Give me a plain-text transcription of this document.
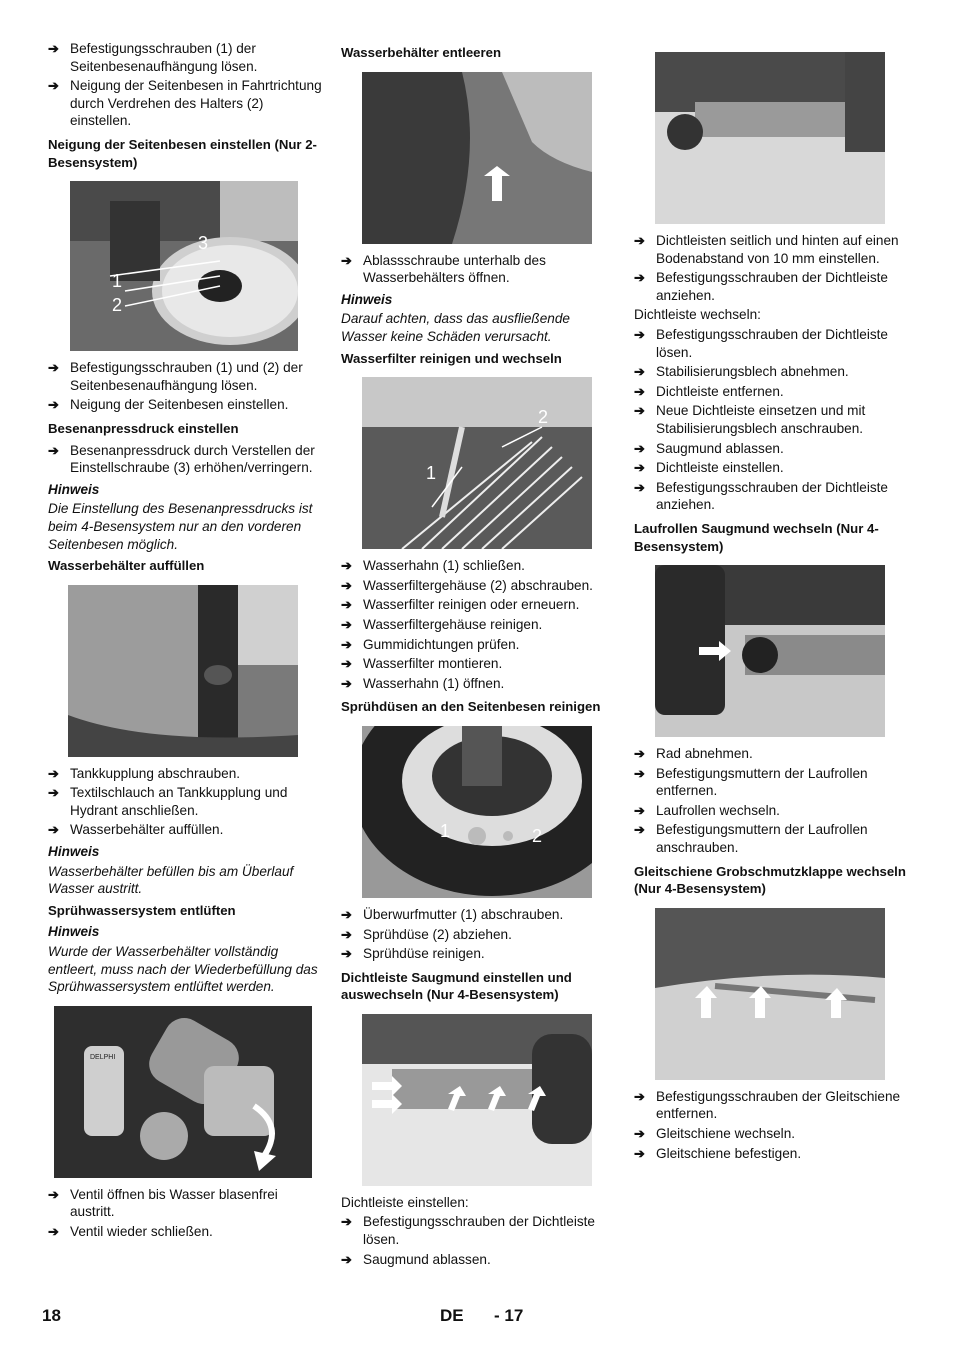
➔ Befestigungsschrauben (1) der Seitenbesenaufhängung lösen.
➔ Neigung der Seitenbesen in Fahrtrichtung durch Verdrehen des Halters (2) einstellen.
Neigung der Seitenbesen einstellen (Nur 2-Besensystem)
3
1
2
➔ Befestigungsschrauben (1) und (2) der Seitenbesenaufhängung lösen.
➔ Neigung der Seitenbesen einstellen.
Besenanpressdruck einstellen
➔ Besenanpressdruck durch Verstellen der Einstellschraube (3) erhöhen/verringern.
Hinweis
Die Einstellung des Besenanpressdrucks ist beim 4-Besensystem nur an den vorderen Seitenbesen möglich.
Wasserbehälter auffüllen
➔ Tankkupplung abschrauben.
➔ Textilschlauch an Tankkupplung und Hydrant anschließen.
➔ Wasserbehälter auffüllen.
Hinweis
Wasserbehälter befüllen bis am Überlauf Wasser austritt.
Sprühwassersystem entlüften
Hinweis
Wurde der Wasserbehälter vollständig entleert, muss nach der Wiederbefüllung das Sprühwassersystem entlüftet werden.
DELPHI
➔ Ventil öffnen bis Wasser blasenfrei austritt.
➔ Ventil wieder schließen.
Wasserbehälter entleeren
➔ Ablassschraube unterhalb des Wasserbehälters öffnen.
Hinweis
Darauf achten, dass das ausfließende Wasser keine Schäden verursacht.
Wasserfilter reinigen und wechseln
2
1
➔ Wasserhahn (1) schließen.
➔ Wasserfiltergehäuse (2) abschrauben.
➔ Wasserfilter reinigen oder erneuern.
➔ Wasserfiltergehäuse reinigen.
➔ Gummidichtungen prüfen.
➔ Wasserfilter montieren.
➔ Wasserhahn (1) öffnen.
Sprühdüsen an den Seitenbesen reinigen
1	2
➔ Überwurfmutter (1) abschrauben.
➔ Sprühdüse (2) abziehen.
➔ Sprühdüse reinigen.
Dichtleiste Saugmund einstellen und auswechseln (Nur 4-Besensystem)
Dichtleiste einstellen:
➔ Befestigungsschrauben der Dichtleiste lösen.
➔ Saugmund ablassen.
➔ Dichtleisten seitlich und hinten auf einen Bodenabstand von 10 mm einstellen.
➔ Befestigungsschrauben der Dichtleiste anziehen.
Dichtleiste wechseln:
➔ Befestigungsschrauben der Dichtleiste lösen.
➔ Stabilisierungsblech abnehmen.
➔ Dichtleiste entfernen.
➔ Neue Dichtleiste einsetzen und mit Stabilisierungsblech anschrauben.
➔ Saugmund ablassen.
➔ Dichtleiste einstellen.
➔ Befestigungsschrauben der Dichtleiste anziehen.
Laufrollen Saugmund wechseln (Nur 4-Besensystem)
➔ Rad abnehmen.
➔ Befestigungsmuttern der Laufrollen entfernen.
➔ Laufrollen wechseln.
➔ Befestigungsmuttern der Laufrollen anschrauben.
Gleitschiene Grobschmutzklappe wechseln (Nur 4-Besensystem)
➔ Befestigungsschrauben der Gleitschiene entfernen.
➔ Gleitschiene wechseln.
➔ Gleitschiene befestigen.
18	DE - 17
